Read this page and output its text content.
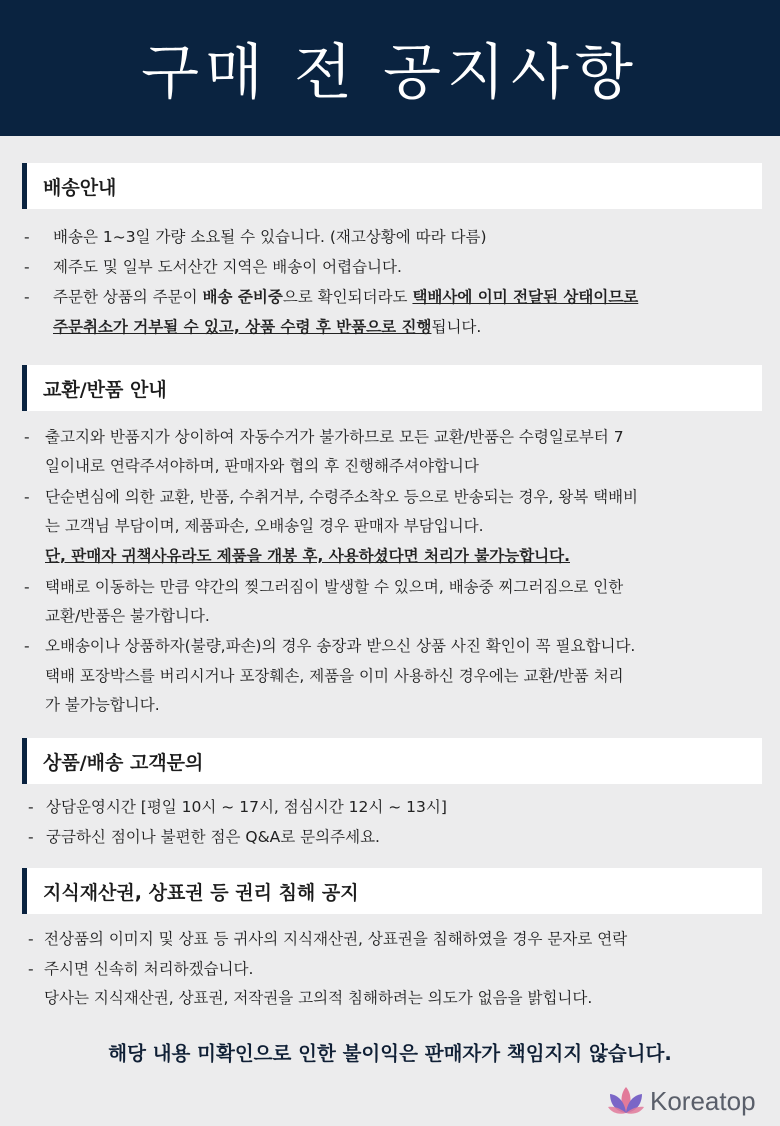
구매 전 공지사항
배송안내
- 배송은 1~3일 가량 소요될 수 있습니다. (재고상황에 따라 다름)
- 제주도 및 일부 도서산간 지역은 배송이 어렵습니다.
- 주문한 상품의 주문이 배송 준비중으로 확인되더라도 택배사에 이미 전달된 상태이므로
주문취소가 거부될 수 있고, 상품 수령 후 반품으로 진행됩니다.
교환/반품 안내
- 출고지와 반품지가 상이하여 자동수거가 불가하므로 모든 교환/반품은 수령일로부터 7
일이내로 연락주셔야하며, 판매자와 협의 후 진행해주셔야합니다
- 단순변심에 의한 교환, 반품, 수취거부, 수령주소착오 등으로 반송되는 경우, 왕복 택배비
는 고객님 부담이며, 제품파손, 오배송일 경우 판매자 부담입니다.
단, 판매자 귀책사유라도 제품을 개봉 후, 사용하셨다면 처리가 불가능합니다.
- 택배로 이동하는 만큼 약간의 찢그러짐이 발생할 수 있으며, 배송중 찌그러짐으로 인한
교환/반품은 불가합니다.
- 오배송이나 상품하자(불량,파손)의 경우 송장과 받으신 상품 사진 확인이 꼭 필요합니다.
택배 포장박스를 버리시거나 포장훼손, 제품을 이미 사용하신 경우에는 교환/반품 처리
가 불가능합니다.
상품/배송 고객문의
- 상담운영시간 [평일 10시 ~ 17시, 점심시간 12시 ~ 13시]
- 궁금하신 점이나 불편한 점은 Q&A로 문의주세요.
지식재산권, 상표권 등 권리 침해 공지
- 전상품의 이미지 및 상표 등 귀사의 지식재산권, 상표권을 침해하였을 경우 문자로 연락
- 주시면 신속히 처리하겠습니다.
당사는 지식재산권, 상표권, 저작권을 고의적 침해하려는 의도가 없음을 밝힙니다.
해당 내용 미확인으로 인한 불이익은 판매자가 책임지지 않습니다.
Koreatop
